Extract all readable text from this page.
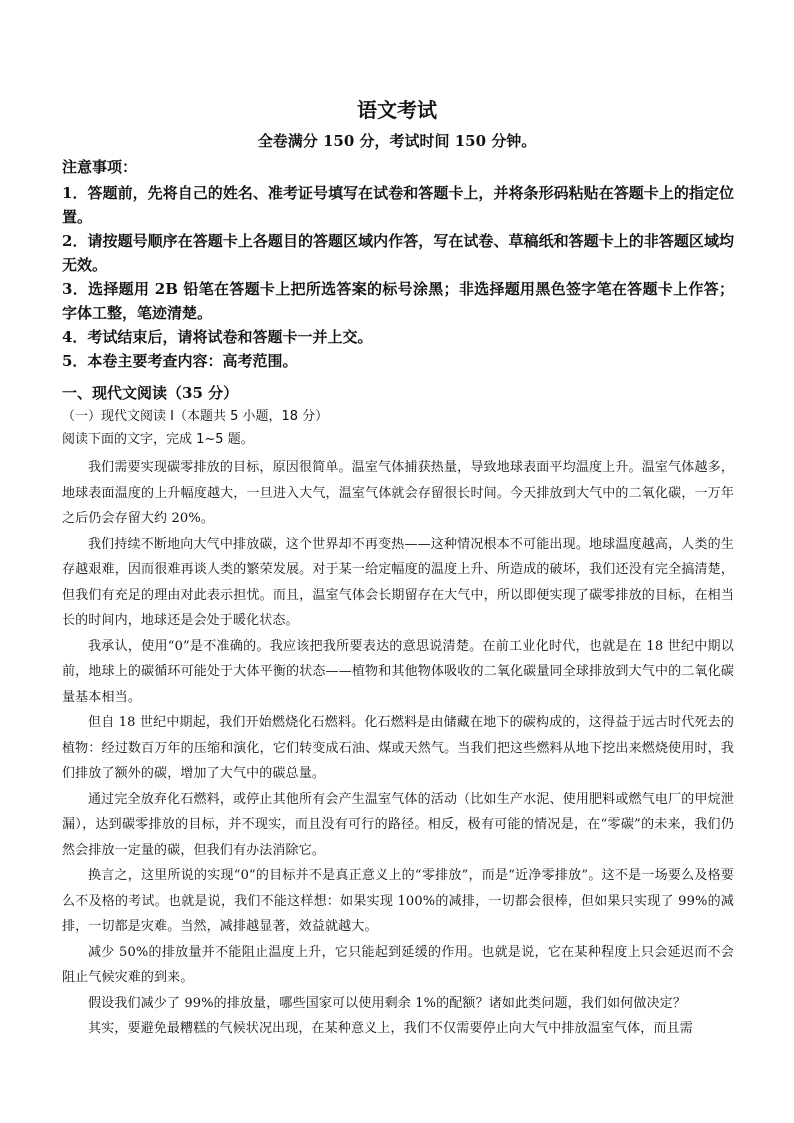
语文考试
全卷满分 150 分，考试时间 150 分钟。
注意事项：

1．答题前，先将自己的姓名、准考证号填写在试卷和答题卡上，并将条形码粘贴在答题卡上的指定位置。

2．请按题号顺序在答题卡上各题目的答题区域内作答，写在试卷、草稿纸和答题卡上的非答题区域均无效。

3．选择题用 2B 铅笔在答题卡上把所选答案的标号涂黑；非选择题用黑色签字笔在答题卡上作答；字体工整，笔迹清楚。

4．考试结束后，请将试卷和答题卡一并上交。

5．本卷主要考查内容：高考范围。

一、现代文阅读（35 分）
（一）现代文阅读 I（本题共 5 小题，18 分）
阅读下面的文字，完成 1~5 题。

我们需要实现碳零排放的目标，原因很简单。温室气体捕获热量，导致地球表面平均温度上升。温室气体越多，地球表面温度的上升幅度越大，一旦进入大气，温室气体就会存留很长时间。今天排放到大气中的二氧化碳，一万年之后仍会存留大约 20%。

我们持续不断地向大气中排放碳，这个世界却不再变热——这种情况根本不可能出现。地球温度越高，人类的生存越艰难，因而很难再谈人类的繁荣发展。对于某一给定幅度的温度上升、所造成的破坏，我们还没有完全搞清楚，但我们有充足的理由对此表示担忧。而且，温室气体会长期留存在大气中，所以即便实现了碳零排放的目标，在相当长的时间内，地球还是会处于暖化状态。

我承认，使用“0”是不准确的。我应该把我所要表达的意思说清楚。在前工业化时代，也就是在 18 世纪中期以前，地球上的碳循环可能处于大体平衡的状态——植物和其他物体吸收的二氧化碳量同全球排放到大气中的二氧化碳量基本相当。

但自 18 世纪中期起，我们开始燃烧化石燃料。化石燃料是由储藏在地下的碳构成的，这得益于远古时代死去的植物：经过数百万年的压缩和演化，它们转变成石油、煤或天然气。当我们把这些燃料从地下挖出来燃烧使用时，我们排放了额外的碳，增加了大气中的碳总量。

通过完全放弃化石燃料，或停止其他所有会产生温室气体的活动（比如生产水泥、使用肥料或燃气电厂的甲烷泄漏），达到碳零排放的目标，并不现实，而且没有可行的路径。相反，极有可能的情况是，在“零碳”的未来，我们仍然会排放一定量的碳，但我们有办法消除它。

换言之，这里所说的实现“0”的目标并不是真正意义上的“零排放”，而是“近净零排放”。这不是一场要么及格要么不及格的考试。也就是说，我们不能这样想：如果实现 100%的减排，一切都会很棒，但如果只实现了 99%的减排，一切都是灾难。当然，减排越显著，效益就越大。

减少 50%的排放量并不能阻止温度上升，它只能起到延缓的作用。也就是说，它在某种程度上只会延迟而不会阻止气候灾难的到来。

假设我们减少了 99%的排放量，哪些国家可以使用剩余 1%的配额？诸如此类问题，我们如何做决定？

其实，要避免最糟糕的气候状况出现，在某种意义上，我们不仅需要停止向大气中排放温室气体，而且需
